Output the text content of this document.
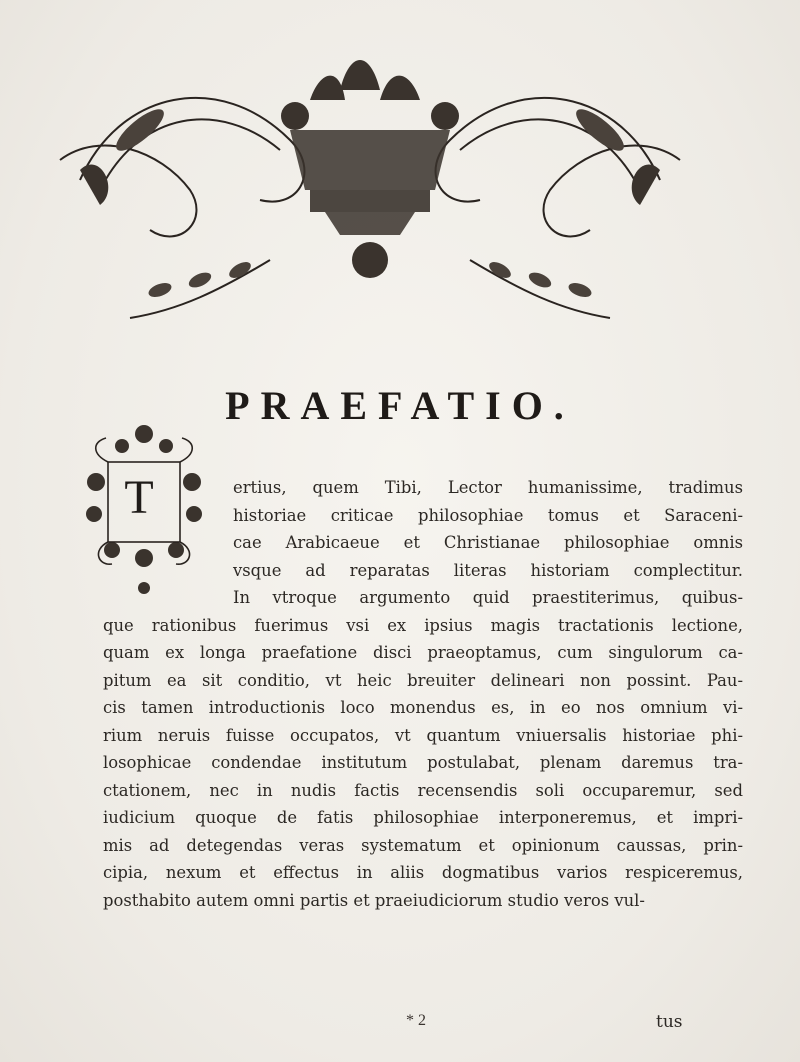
PRAEFATIO.
T	ertius, quem Tibi, Lector humanissime, tradimus
historiae criticae philosophiae tomus et Saraceni-
cae Arabicaeue et Christianae philosophiae omnis
vsque ad reparatas literas historiam complectitur.
In vtroque argumento quid praestiterimus, quibus-
que rationibus fuerimus vsi ex ipsius magis tractationis lectione,
quam ex longa praefatione disci praeoptamus, cum singulorum ca-
pitum ea sit conditio, vt heic breuiter delineari non possint. Pau-
cis tamen introductionis loco monendus es, in eo nos omnium vi-
rium neruis fuisse occupatos, vt quantum vniuersalis historiae phi-
losophicae condendae institutum postulabat, plenam daremus tra-
ctationem, nec in nudis factis recensendis soli occuparemur, sed
iudicium quoque de fatis philosophiae interponeremus, et impri-
mis ad detegendas veras systematum et opinionum caussas, prin-
cipia, nexum et effectus in aliis dogmatibus varios respiceremus,
posthabito autem omni partis et praeiudiciorum studio veros vul-
* 2	tus
